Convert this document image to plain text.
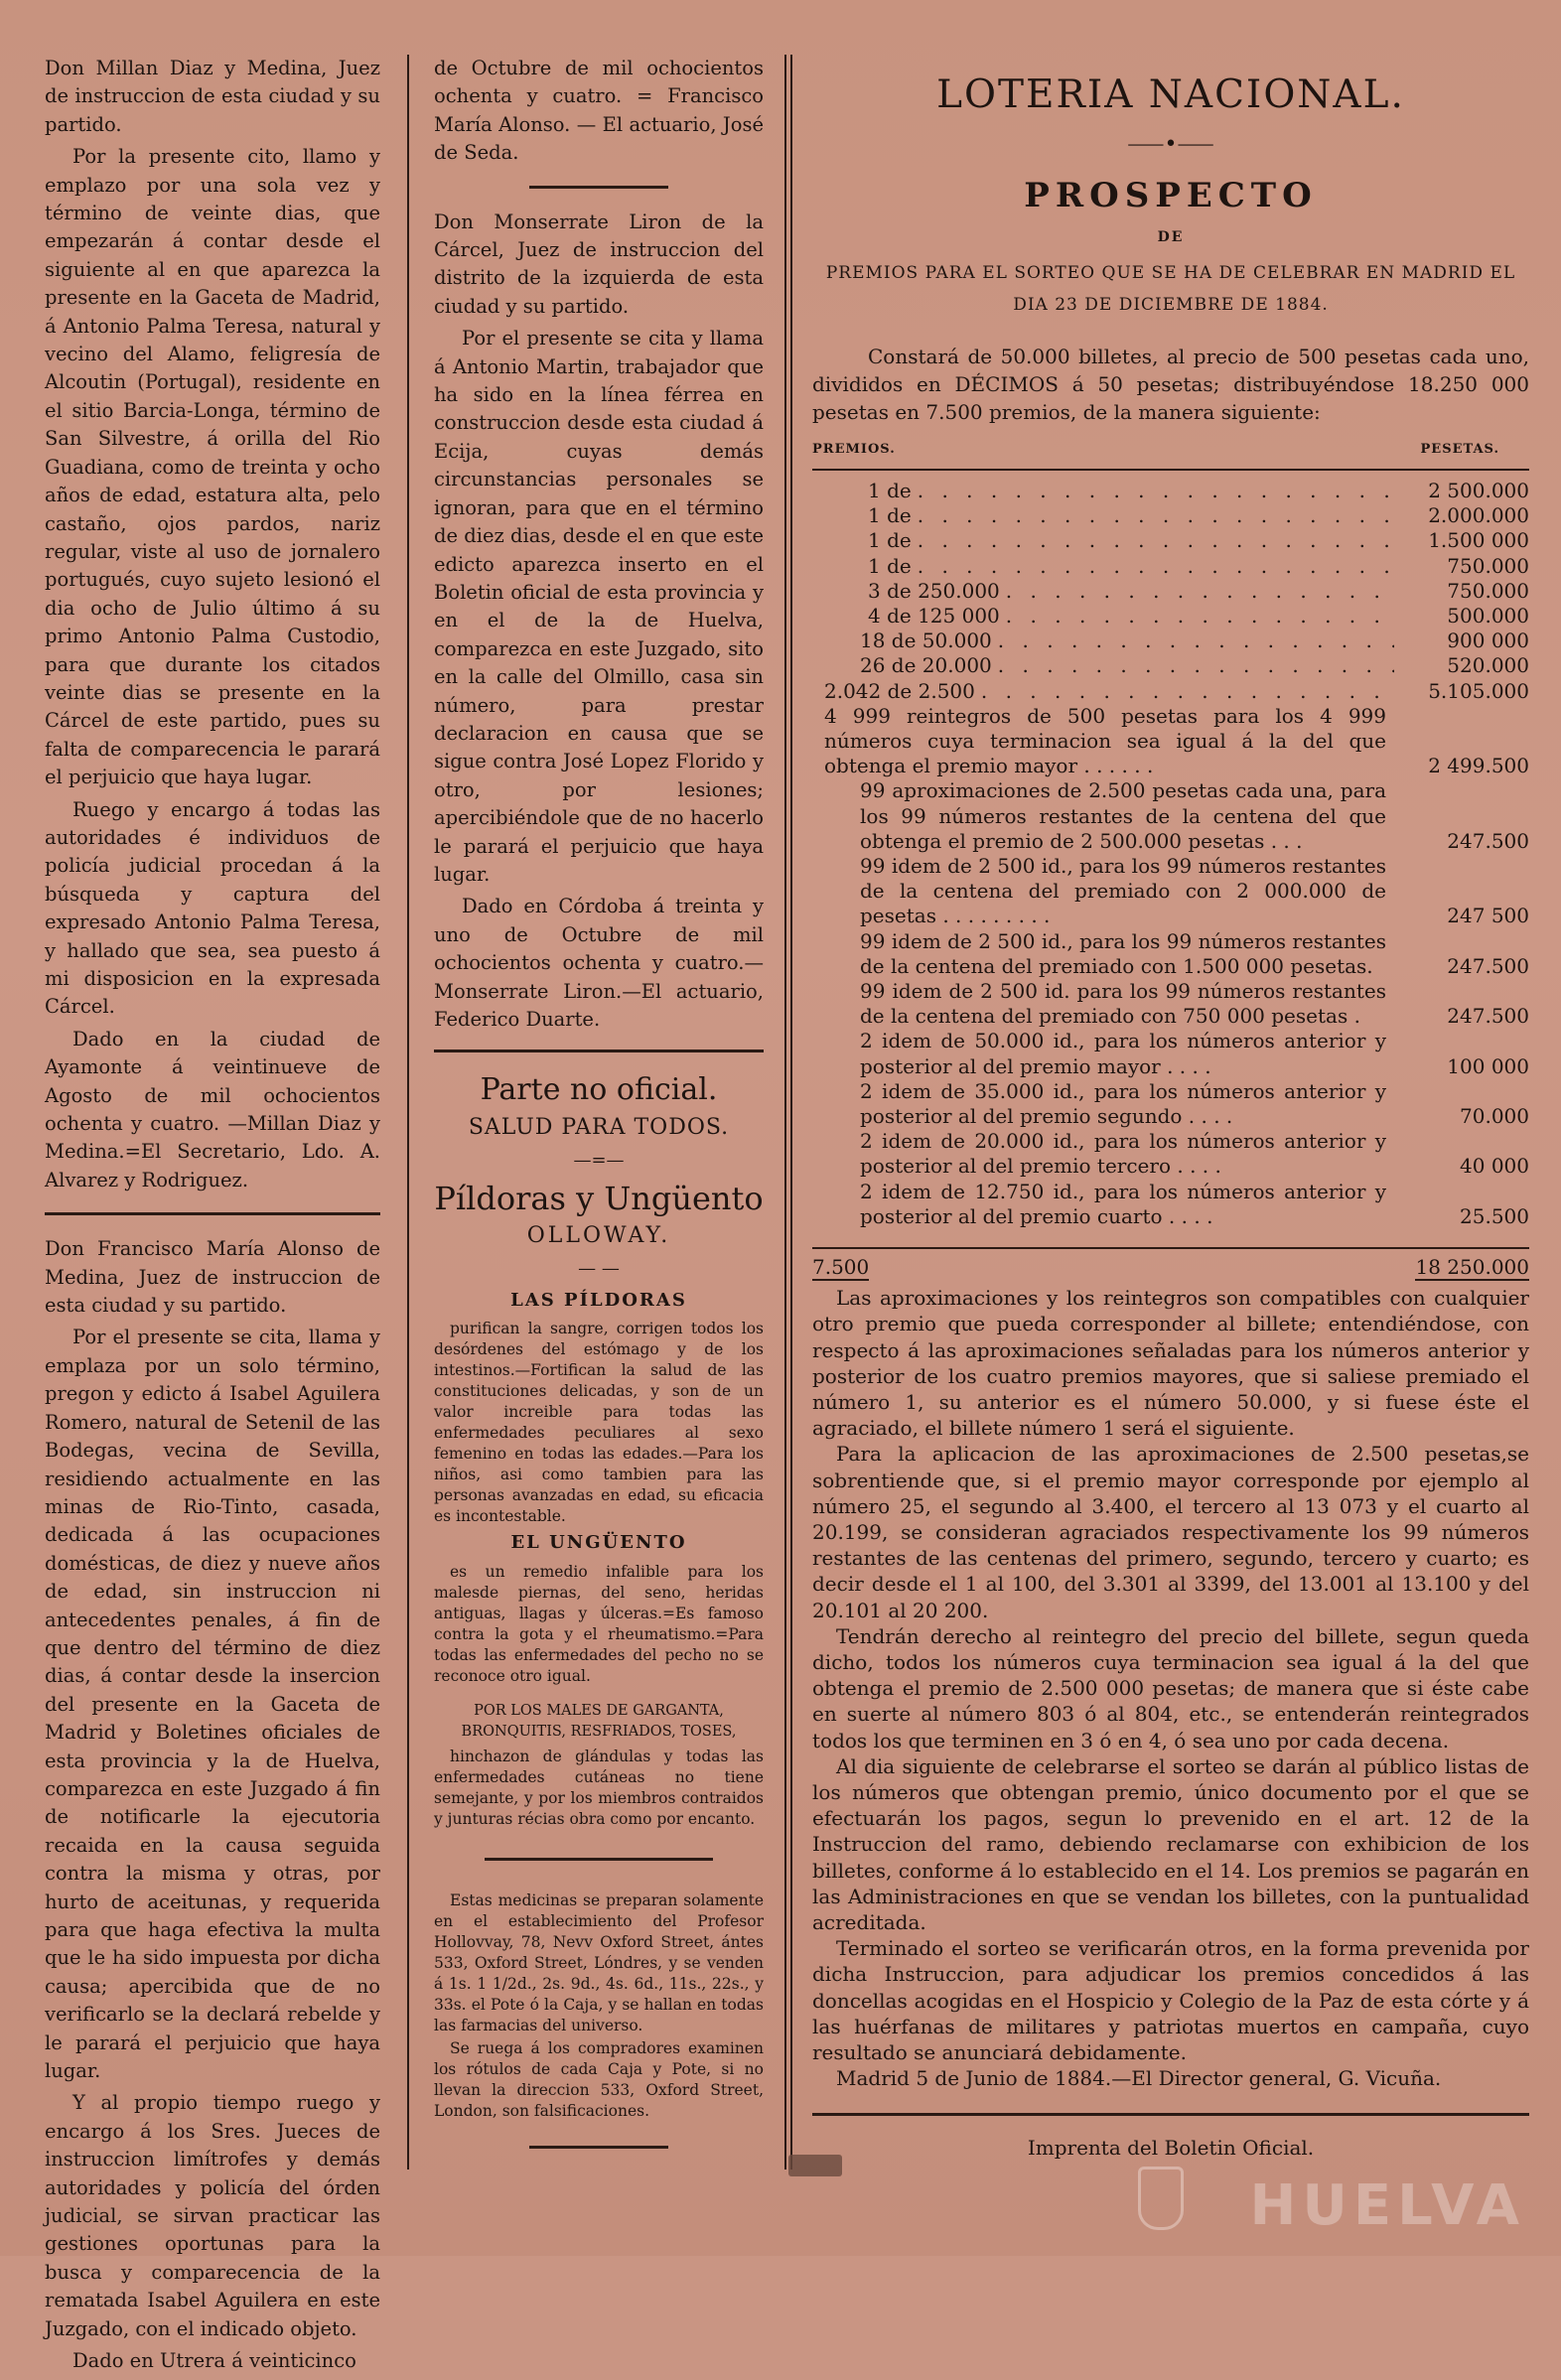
Don Millan Diaz y Medina, Juez de instruccion de esta ciudad y su partido.

Por la presente cito, llamo y emplazo por una sola vez y término de veinte dias, que empezarán á contar desde el siguiente al en que aparezca la presente en la Gaceta de Madrid, á Antonio Palma Teresa, natural y vecino del Alamo, feligresía de Alcoutin (Portugal), residente en el sitio Barcia-Longa, término de San Silvestre, á orilla del Rio Guadiana, como de treinta y ocho años de edad, estatura alta, pelo castaño, ojos pardos, nariz regular, viste al uso de jornalero portugués, cuyo sujeto lesionó el dia ocho de Julio último á su primo Antonio Palma Custodio, para que durante los citados veinte dias se presente en la Cárcel de este partido, pues su falta de comparecencia le parará el perjuicio que haya lugar.

Ruego y encargo á todas las autoridades é individuos de policía judicial procedan á la búsqueda y captura del expresado Antonio Palma Teresa, y hallado que sea, sea puesto á mi disposicion en la expresada Cárcel.

Dado en la ciudad de Ayamonte á veintinueve de Agosto de mil ochocientos ochenta y cuatro. —Millan Diaz y Medina.=El Secretario, Ldo. A. Alvarez y Rodriguez.

Don Francisco María Alonso de Medina, Juez de instruccion de esta ciudad y su partido.

Por el presente se cita, llama y emplaza por un solo término, pregon y edicto á Isabel Aguilera Romero, natural de Setenil de las Bodegas, vecina de Sevilla, residiendo actualmente en las minas de Rio-Tinto, casada, dedicada á las ocupaciones domésticas, de diez y nueve años de edad, sin instruccion ni antecedentes penales, á fin de que dentro del término de diez dias, á contar desde la insercion del presente en la Gaceta de Madrid y Boletines oficiales de esta provincia y la de Huelva, comparezca en este Juzgado á fin de notificarle la ejecutoria recaida en la causa seguida contra la misma y otras, por hurto de aceitunas, y requerida para que haga efectiva la multa que le ha sido impuesta por dicha causa; apercibida que de no verificarlo se la declará rebelde y le parará el perjuicio que haya lugar.

Y al propio tiempo ruego y encargo á los Sres. Jueces de instruccion limítrofes y demás autoridades y policía del órden judicial, se sirvan practicar las gestiones oportunas para la busca y comparecencia de la rematada Isabel Aguilera en este Juzgado, con el indicado objeto.

Dado en Utrera á veinticinco

de Octubre de mil ochocientos ochenta y cuatro. = Francisco María Alonso. — El actuario, José de Seda.

Don Monserrate Liron de la Cárcel, Juez de instruccion del distrito de la izquierda de esta ciudad y su partido.

Por el presente se cita y llama á Antonio Martin, trabajador que ha sido en la línea férrea en construccion desde esta ciudad á Ecija, cuyas demás circunstancias personales se ignoran, para que en el término de diez dias, desde el en que este edicto aparezca inserto en el Boletin oficial de esta provincia y en el de la de Huelva, comparezca en este Juzgado, sito en la calle del Olmillo, casa sin número, para prestar declaracion en causa que se sigue contra José Lopez Florido y otro, por lesiones; apercibiéndole que de no hacerlo le parará el perjuicio que haya lugar.

Dado en Córdoba á treinta y uno de Octubre de mil ochocientos ochenta y cuatro.—Monserrate Liron.—El actuario, Federico Duarte.

Parte no oficial.

SALUD PARA TODOS.

—=—

Píldoras y Ungüento

OLLOWAY.

— —

LAS PÍLDORAS

purifican la sangre, corrigen todos los desórdenes del estómago y de los intestinos.—Fortifican la salud de las constituciones delicadas, y son de un valor increible para todas las enfermedades peculiares al sexo femenino en todas las edades.—Para los niños, asi como tambien para las personas avanzadas en edad, su eficacia es incontestable.

EL UNGÜENTO

es un remedio infalible para los malesde piernas, del seno, heridas antiguas, llagas y úlceras.=Es famoso contra la gota y el rheumatismo.=Para todas las enfermedades del pecho no se reconoce otro igual.

POR LOS MALES DE GARGANTA, BRONQUITIS, RESFRIADOS, TOSES,

hinchazon de glándulas y todas las enfermedades cutáneas no tiene semejante, y por los miembros contraidos y junturas récias obra como por encanto.

Estas medicinas se preparan solamente en el establecimiento del Profesor Hollovvay, 78, Nevv Oxford Street, ántes 533, Oxford Street, Lóndres, y se venden á 1s. 1 1/2d., 2s. 9d., 4s. 6d., 11s., 22s., y 33s. el Pote ó la Caja, y se hallan en todas las farmacias del universo.

Se ruega á los compradores examinen los rótulos de cada Caja y Pote, si no llevan la direccion 533, Oxford Street, London, son falsificaciones.

LOTERIA NACIONAL.
⸺•⸺
PROSPECTO
DE
PREMIOS PARA EL SORTEO QUE SE HA DE CELEBRAR EN MADRID EL DIA 23 DE DICIEMBRE DE 1884.

Constará de 50.000 billetes, al precio de 500 pesetas cada uno, divididos en DÉCIMOS á 50 pesetas; distribuyéndose 18.250 000 pesetas en 7.500 premios, de la manera siguiente:

PREMIOS.	PESETAS.
1 de . . .	2 500.000
1 de . . .	2.000.000
1 de . . .	1.500 000
1 de . . .	750.000
3 de 250.000 . . .	750.000
4 de 125 000 . . .	500.000
18 de 50.000 . . .	900 000
26 de 20.000 . . .	520.000
2.042 de 2.500 . . .	5.105.000
4 999 reintegros de 500 pesetas para los 4 999 números cuya terminacion sea igual á la del que obtenga el premio mayor . . . . . .	2 499.500
99 aproximaciones de 2.500 pesetas cada una, para los 99 números restantes de la centena del que obtenga el premio de 2 500.000 pesetas . . .	247.500
99 idem de 2 500 id., para los 99 números restantes de la centena del premiado con 2 000.000 de pesetas . . . . . . . . .	247 500
99 idem de 2 500 id., para los 99 números restantes de la centena del premiado con 1.500 000 pesetas.	247.500
99 idem de 2 500 id. para los 99 números restantes de la centena del premiado con 750 000 pesetas .	247.500
2 idem de 50.000 id., para los números anterior y posterior al del premio mayor . . . .	100 000
2 idem de 35.000 id., para los números anterior y posterior al del premio segundo . . . .	70.000
2 idem de 20.000 id., para los números anterior y posterior al del premio tercero . . . .	40 000
2 idem de 12.750 id., para los números anterior y posterior al del premio cuarto . . . .	25.500
7.500	18 250.000

Las aproximaciones y los reintegros son compatibles con cualquier otro premio que pueda corresponder al billete; entendiéndose, con respecto á las aproximaciones señaladas para los números anterior y posterior de los cuatro premios mayores, que si saliese premiado el número 1, su anterior es el número 50.000, y si fuese éste el agraciado, el billete número 1 será el siguiente.

Para la aplicacion de las aproximaciones de 2.500 pesetas,se sobrentiende que, si el premio mayor corresponde por ejemplo al número 25, el segundo al 3.400, el tercero al 13 073 y el cuarto al 20.199, se consideran agraciados respectivamente los 99 números restantes de las centenas del primero, segundo, tercero y cuarto; es decir desde el 1 al 100, del 3.301 al 3399, del 13.001 al 13.100 y del 20.101 al 20 200.

Tendrán derecho al reintegro del precio del billete, segun queda dicho, todos los números cuya terminacion sea igual á la del que obtenga el premio de 2.500 000 pesetas; de manera que si éste cabe en suerte al número 803 ó al 804, etc., se entenderán reintegrados todos los que terminen en 3 ó en 4, ó sea uno por cada decena.

Al dia siguiente de celebrarse el sorteo se darán al público listas de los números que obtengan premio, único documento por el que se efectuarán los pagos, segun lo prevenido en el art. 12 de la Instruccion del ramo, debiendo reclamarse con exhibicion de los billetes, conforme á lo establecido en el 14. Los premios se pagarán en las Administraciones en que se vendan los billetes, con la puntualidad acreditada.

Terminado el sorteo se verificarán otros, en la forma prevenida por dicha Instruccion, para adjudicar los premios concedidos á las doncellas acogidas en el Hospicio y Colegio de la Paz de esta córte y á las huérfanas de militares y patriotas muertos en campaña, cuyo resultado se anunciará debidamente.

Madrid 5 de Junio de 1884.—El Director general, G. Vicuña.

Imprenta del Boletin Oficial.

HUELVA
